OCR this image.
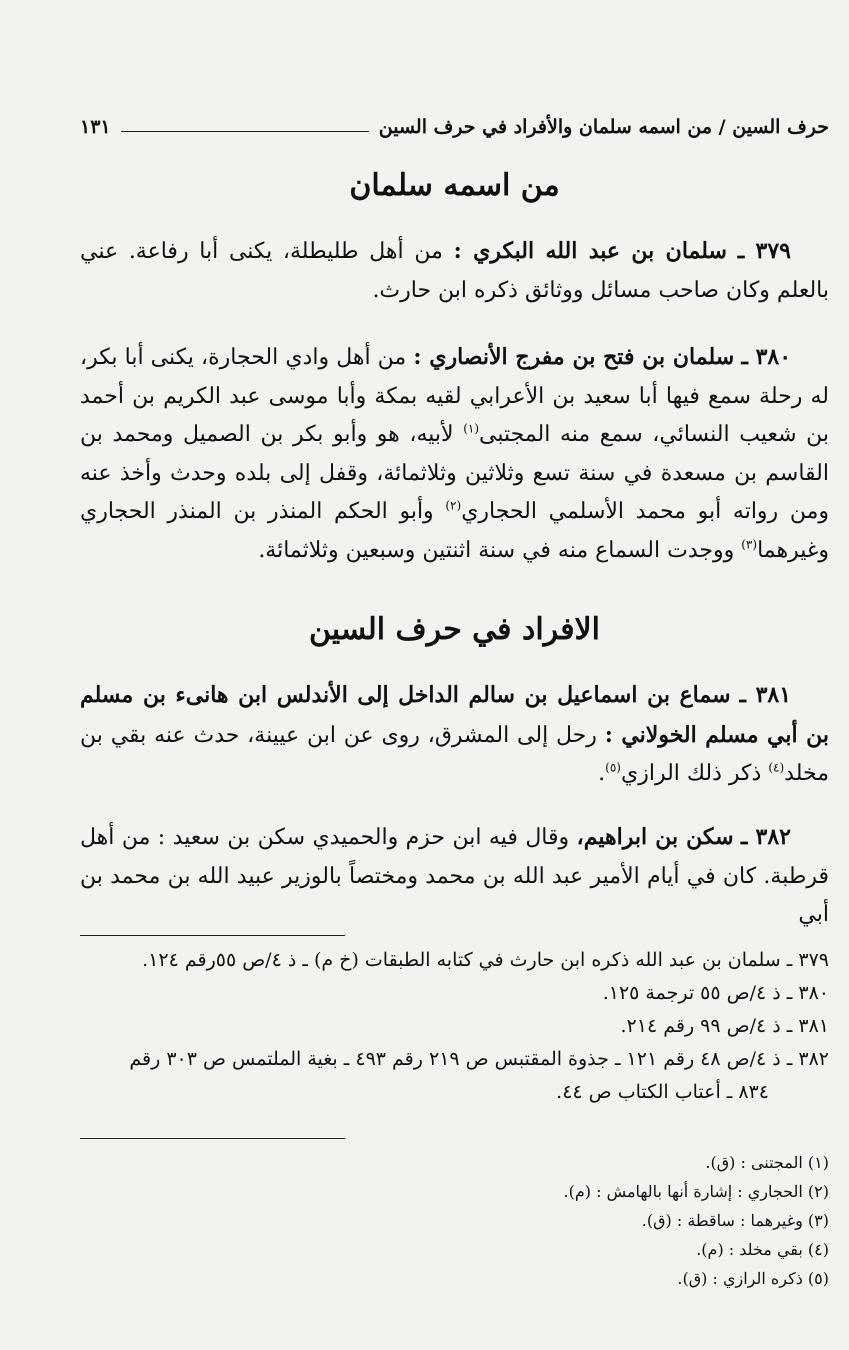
حرف السين / من اسمه سلمان والأفراد في حرف السين
١٣١
من اسمه سلمان

٣٧٩ ـ سلمان بن عبد الله البكري : من أهل طليطلة، يكنى أبا رفاعة. عني بالعلم وكان صاحب مسائل ووثائق ذكره ابن حارث.

٣٨٠ ـ سلمان بن فتح بن مفرج الأنصاري : من أهل وادي الحجارة، يكنى أبا بكر، له رحلة سمع فيها أبا سعيد بن الأعرابي لقيه بمكة وأبا موسى عبد الكريم بن أحمد بن شعيب النسائي، سمع منه المجتبى$^{(١)}$ لأبيه، هو وأبو بكر بن الصميل ومحمد بن القاسم بن مسعدة في سنة تسع وثلاثين وثلاثمائة، وقفل إلى بلده وحدث وأخذ عنه ومن رواته أبو محمد الأسلمي الحجاري$^{(٢)}$ وأبو الحكم المنذر بن المنذر الحجاري وغيرهما$^{(٣)}$ ووجدت السماع منه في سنة اثنتين وسبعين وثلاثمائة.

الافراد في حرف السين

٣٨١ ـ سماع بن اسماعيل بن سالم الداخل إلى الأندلس ابن هانىء بن مسلم بن أبي مسلم الخولاني : رحل إلى المشرق، روى عن ابن عيينة، حدث عنه بقي بن مخلد$^{(٤)}$ ذكر ذلك الرازي$^{(٥)}$.

٣٨٢ ـ سكن بن ابراهيم، وقال فيه ابن حزم والحميدي سكن بن سعيد : من أهل قرطبة. كان في أيام الأمير عبد الله بن محمد ومختصاً بالوزير عبيد الله بن محمد بن أبي

٣٧٩ ـ سلمان بن عبد الله ذكره ابن حارث في كتابه الطبقات (خ م) ـ ذ ٤/ص ٥٥رقم ١٢٤.
٣٨٠ ـ ذ ٤/ص ٥٥ ترجمة ١٢٥.
٣٨١ ـ ذ ٤/ص ٩٩ رقم ٢١٤.
٣٨٢ ـ ذ ٤/ص ٤٨ رقم ١٢١ ـ جذوة المقتبس ص ٢١٩ رقم ٤٩٣ ـ بغية الملتمس ص ٣٠٣ رقم
٨٣٤ ـ أعتاب الكتاب ص ٤٤.
(١) المجتنى : (ق).
(٢) الحجاري : إشارة أنها بالهامش : (م).
(٣) وغيرهما : ساقطة : (ق).
(٤) بقي مخلد : (م).
(٥) ذكره الرازي : (ق).
